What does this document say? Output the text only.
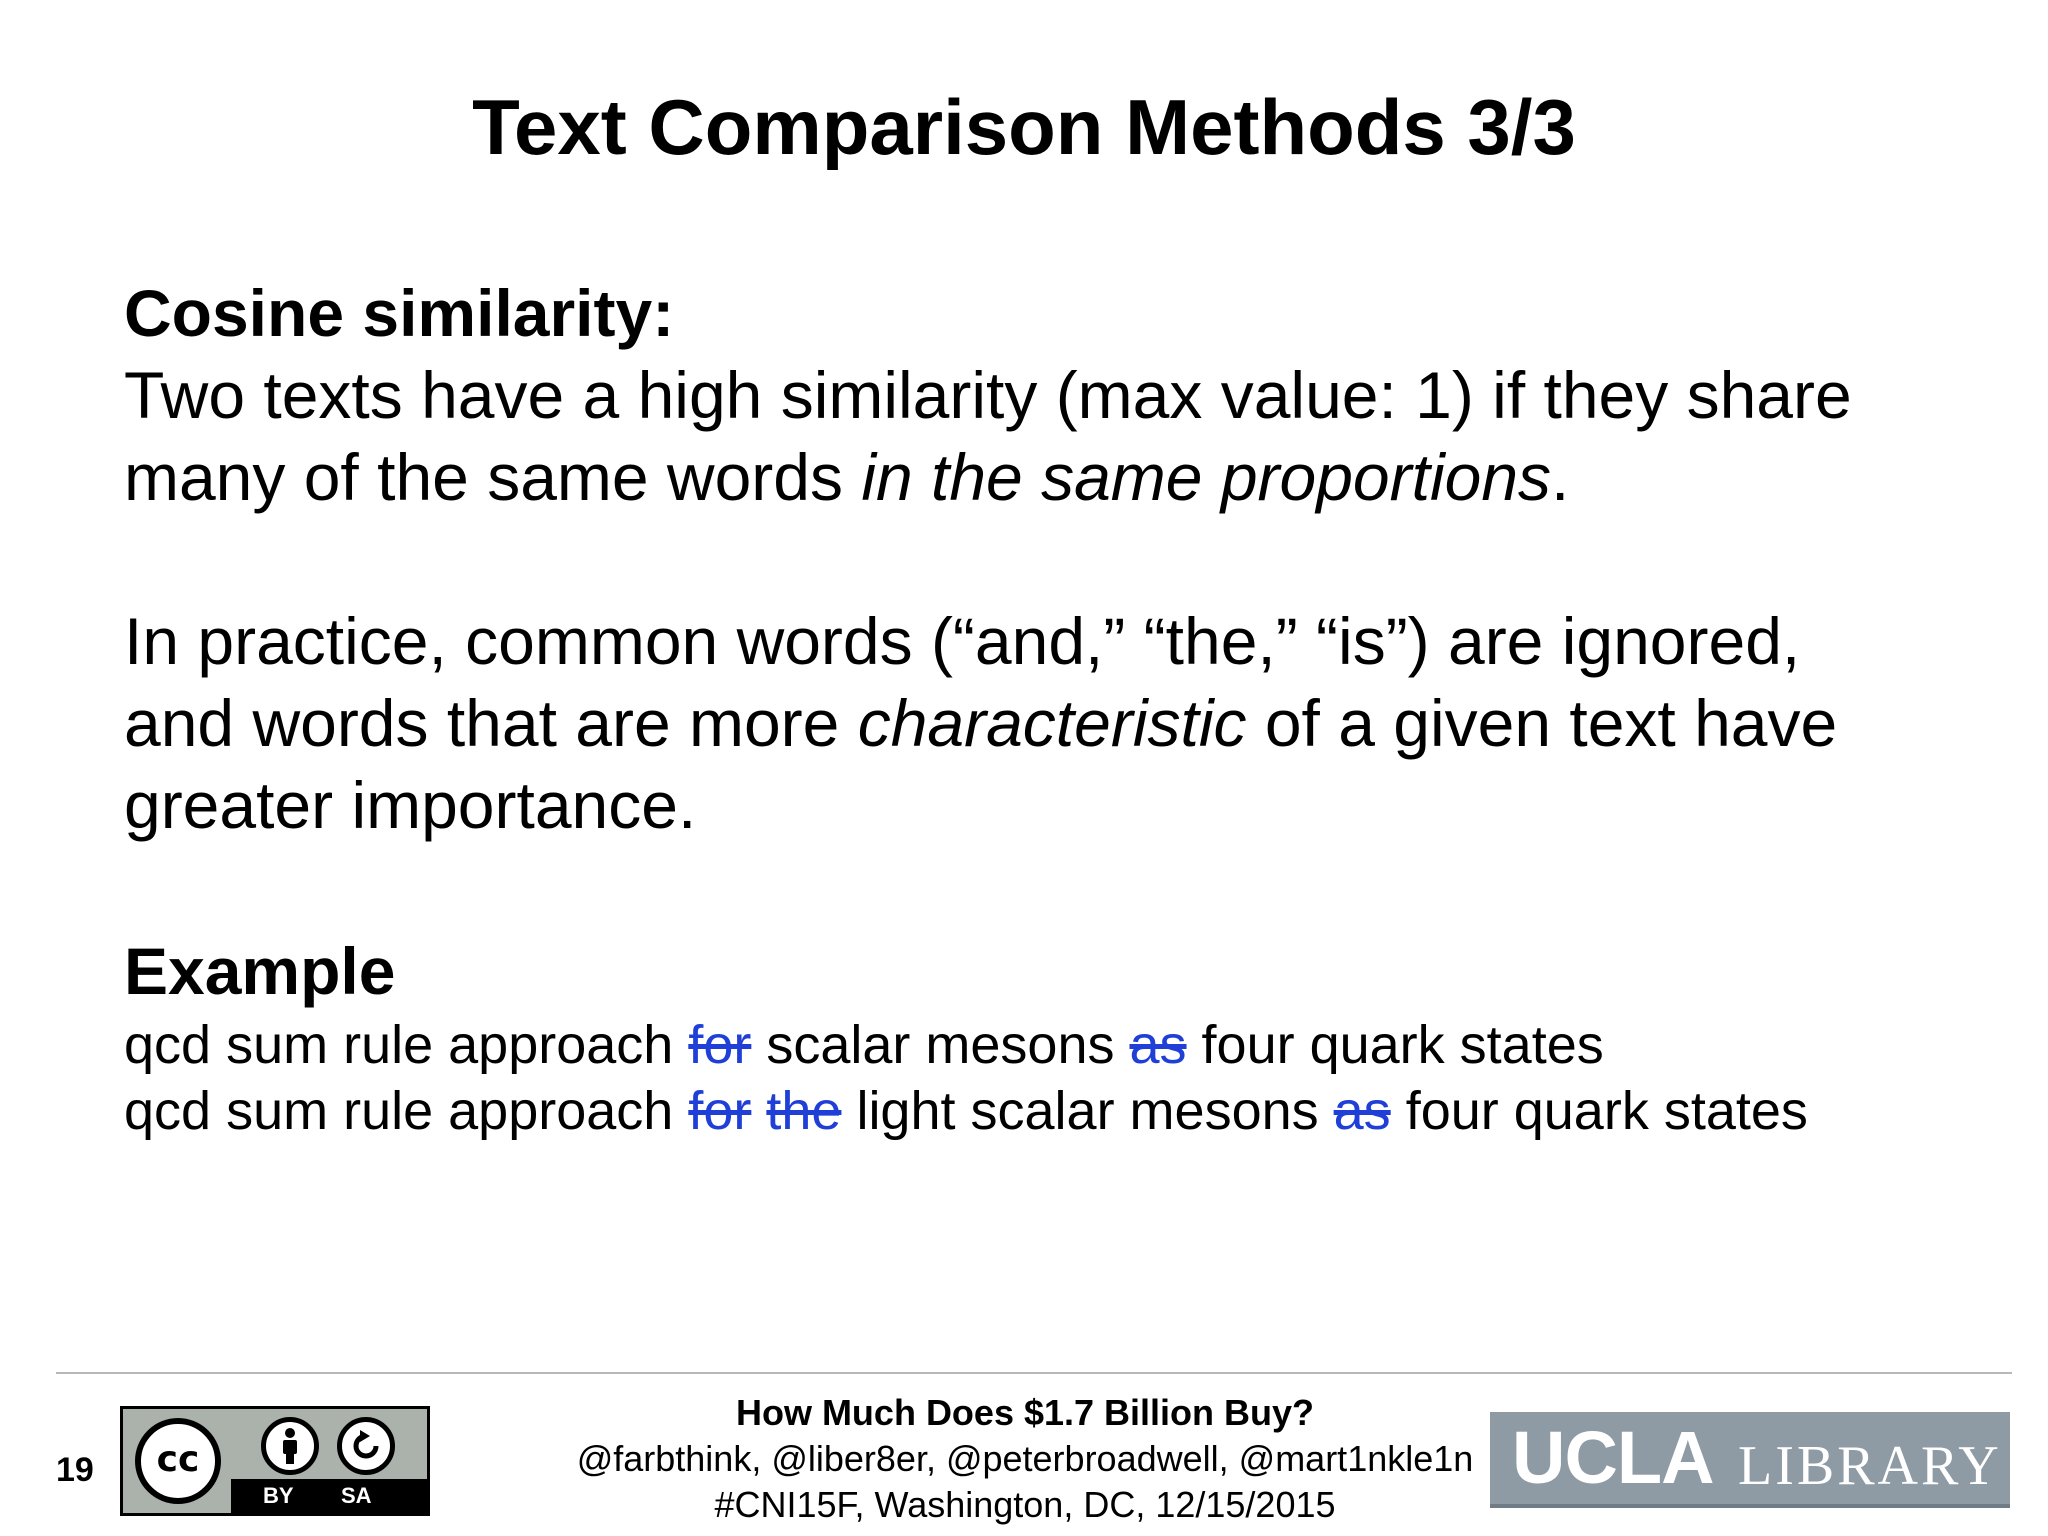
Text Comparison Methods 3/3
Cosine similarity:
Two texts have a high similarity (max value: 1) if they share
many of the same words in the same proportions.
In practice, common words (“and,” “the,” “is”) are ignored,
and words that are more characteristic of a given text have
greater importance.
Example
qcd sum rule approach for scalar mesons as four quark states
qcd sum rule approach for the light scalar mesons as four quark states
19	cc
BY SA
How Much Does $1.7 Billion Buy?
@farbthink, @liber8er, @peterbroadwell, @mart1nkle1n
#CNI15F, Washington, DC, 12/15/2015
UCLA LIBRARY
